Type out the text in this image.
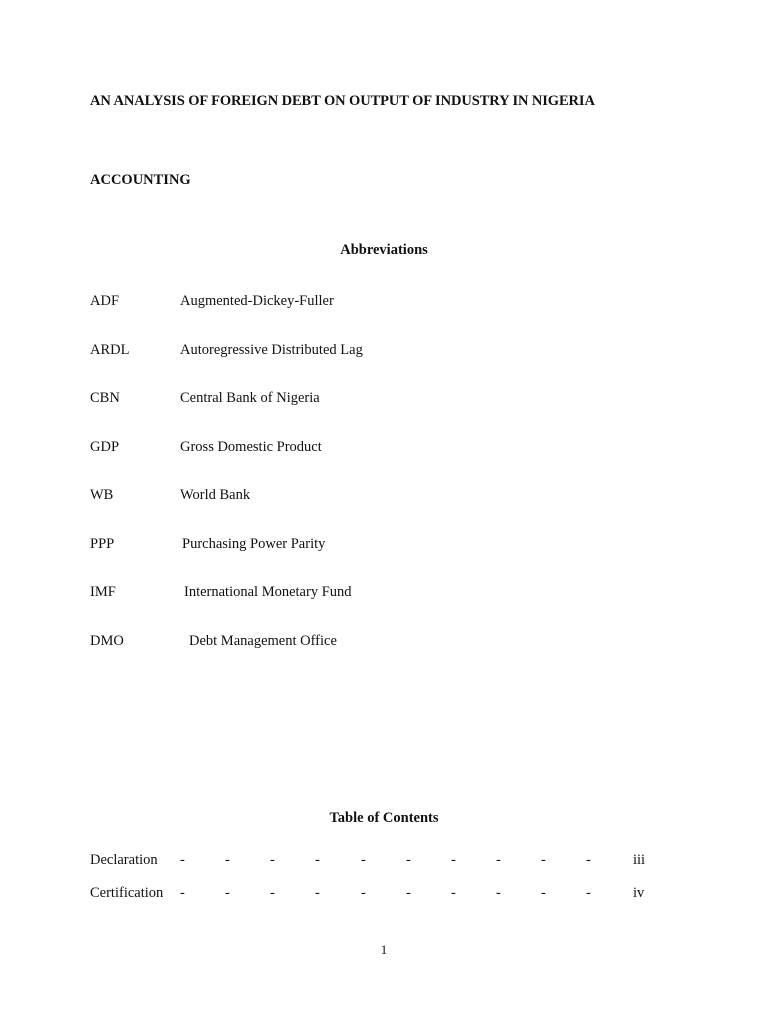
AN ANALYSIS OF FOREIGN DEBT ON OUTPUT OF INDUSTRY IN NIGERIA
ACCOUNTING
Abbreviations
ADF	Augmented-Dickey-Fuller
ARDL	Autoregressive Distributed Lag
CBN	Central Bank of Nigeria
GDP	Gross Domestic Product
WB	World Bank
PPP	Purchasing Power Parity
IMF	International Monetary Fund
DMO	Debt Management Office
Table of Contents
Declaration -	-	-	-	-	-	-	-	-	-	iii
Certification -	-	-	-	-	-	-	-	-	-	iv
1
